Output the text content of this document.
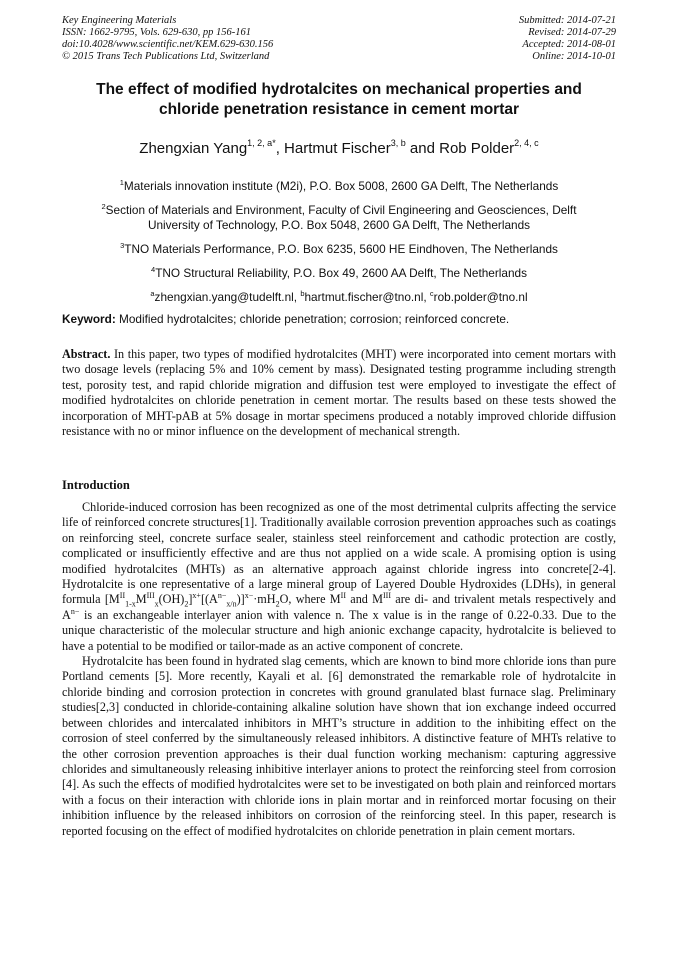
Key Engineering Materials
ISSN: 1662-9795, Vols. 629-630, pp 156-161
doi:10.4028/www.scientific.net/KEM.629-630.156
© 2015 Trans Tech Publications Ltd, Switzerland
Submitted: 2014-07-21
Revised: 2014-07-29
Accepted: 2014-08-01
Online: 2014-10-01
The effect of modified hydrotalcites on mechanical properties and
chloride penetration resistance in cement mortar
Zhengxian Yang$^{1, 2, a*}$, Hartmut Fischer$^{3, b}$ and Rob Polder$^{2, 4, c}$

$^1$Materials innovation institute (M2i), P.O. Box 5008, 2600 GA Delft, The Netherlands

$^2$Section of Materials and Environment, Faculty of Civil Engineering and Geosciences, Delft
University of Technology, P.O. Box 5048, 2600 GA Delft, The Netherlands

$^3$TNO Materials Performance, P.O. Box 6235, 5600 HE Eindhoven, The Netherlands

$^4$TNO Structural Reliability, P.O. Box 49, 2600 AA Delft, The Netherlands

$^a$zhengxian.yang@tudelft.nl, $^b$hartmut.fischer@tno.nl, $^c$rob.polder@tno.nl

Keyword: Modified hydrotalcites; chloride penetration; corrosion; reinforced concrete.
Abstract. In this paper, two types of modified hydrotalcites (MHT) were incorporated into cement mortars with two dosage levels (replacing 5% and 10% cement by mass). Designated testing programme including strength test, porosity test, and rapid chloride migration and diffusion test were employed to investigate the effect of modified hydrotalcites on chloride penetration in cement mortar. The results based on these tests showed the incorporation of MHT-pAB at 5% dosage in mortar specimens produced a notably improved chloride diffusion resistance with no or minor influence on the development of mechanical strength.
Introduction

Chloride-induced corrosion has been recognized as one of the most detrimental culprits affecting the service life of reinforced concrete structures[1]. Traditionally available corrosion prevention approaches such as coatings on reinforcing steel, concrete surface sealer, stainless steel reinforcement and cathodic protection are costly, complicated or insufficiently effective and are thus not applied on a wide scale. A promising option is using modified hydrotalcites (MHTs) as an alternative approach against chloride ingress into concrete[2-4]. Hydrotalcite is one representative of a large mineral group of Layered Double Hydroxides (LDHs), in general formula $[M^{II}_{1-x}M^{III}_x(OH)_2]^{x+}[(A^{n-}_{x/n})]^{x-}\cdot mH_2O$, where $M^{II}$ and $M^{III}$ are di- and trivalent metals respectively and $A^{n-}$ is an exchangeable interlayer anion with valence n. The x value is in the range of 0.22-0.33. Due to the unique characteristic of the molecular structure and high anionic exchange capacity, hydrotalcite is believed to have a potential to be modified or tailor-made as an active component of concrete.

Hydrotalcite has been found in hydrated slag cements, which are known to bind more chloride ions than pure Portland cements [5]. More recently, Kayali et al. [6] demonstrated the remarkable role of hydrotalcite in chloride binding and corrosion protection in concretes with ground granulated blast furnace slag. Preliminary studies[2,3] conducted in chloride-containing alkaline solution have shown that ion exchange indeed occurred between chlorides and intercalated inhibitors in MHT’s structure in addition to the inhibiting effect on the corrosion of steel conferred by the simultaneously released inhibitors. A distinctive feature of MHTs relative to the other corrosion prevention approaches is their dual function working mechanism: capturing aggressive chlorides and simultaneously releasing inhibitive interlayer anions to protect the reinforcing steel from corrosion [4]. As such the effects of modified hydrotalcites were set to be investigated on both plain and reinforced mortars with a focus on their interaction with chloride ions in plain mortar and in reinforced mortar focusing on their inhibition influence by the released inhibitors on corrosion of the reinforcing steel. In this paper, research is reported focusing on the effect of modified hydrotalcites on chloride penetration in plain cement mortars.
